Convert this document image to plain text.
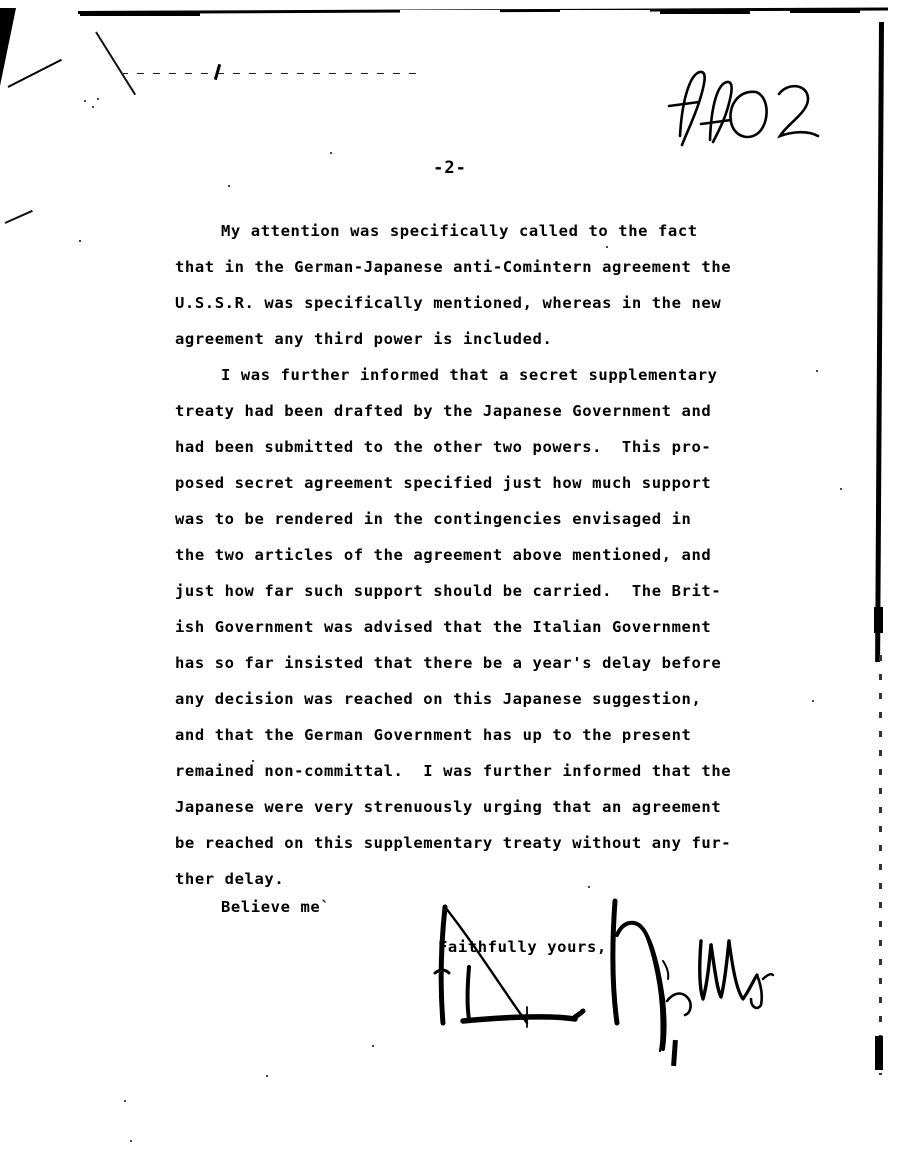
-2-
My attention was specifically called to the fact
that in the German-Japanese anti-Comintern agreement the
U.S.S.R. was specifically mentioned, whereas in the new
agreement any third power is included.
I was further informed that a secret supplementary
treaty had been drafted by the Japanese Government and
had been submitted to the other two powers.  This pro-
posed secret agreement specified just how much support
was to be rendered in the contingencies envisaged in
the two articles of the agreement above mentioned, and
just how far such support should be carried.  The Brit-
ish Government was advised that the Italian Government
has so far insisted that there be a year's delay before
any decision was reached on this Japanese suggestion,
and that the German Government has up to the present
remained non-committal.  I was further informed that the
Japanese were very strenuously urging that an agreement
be reached on this supplementary treaty without any fur-
ther delay.
Believe me`
Faithfully yours,
